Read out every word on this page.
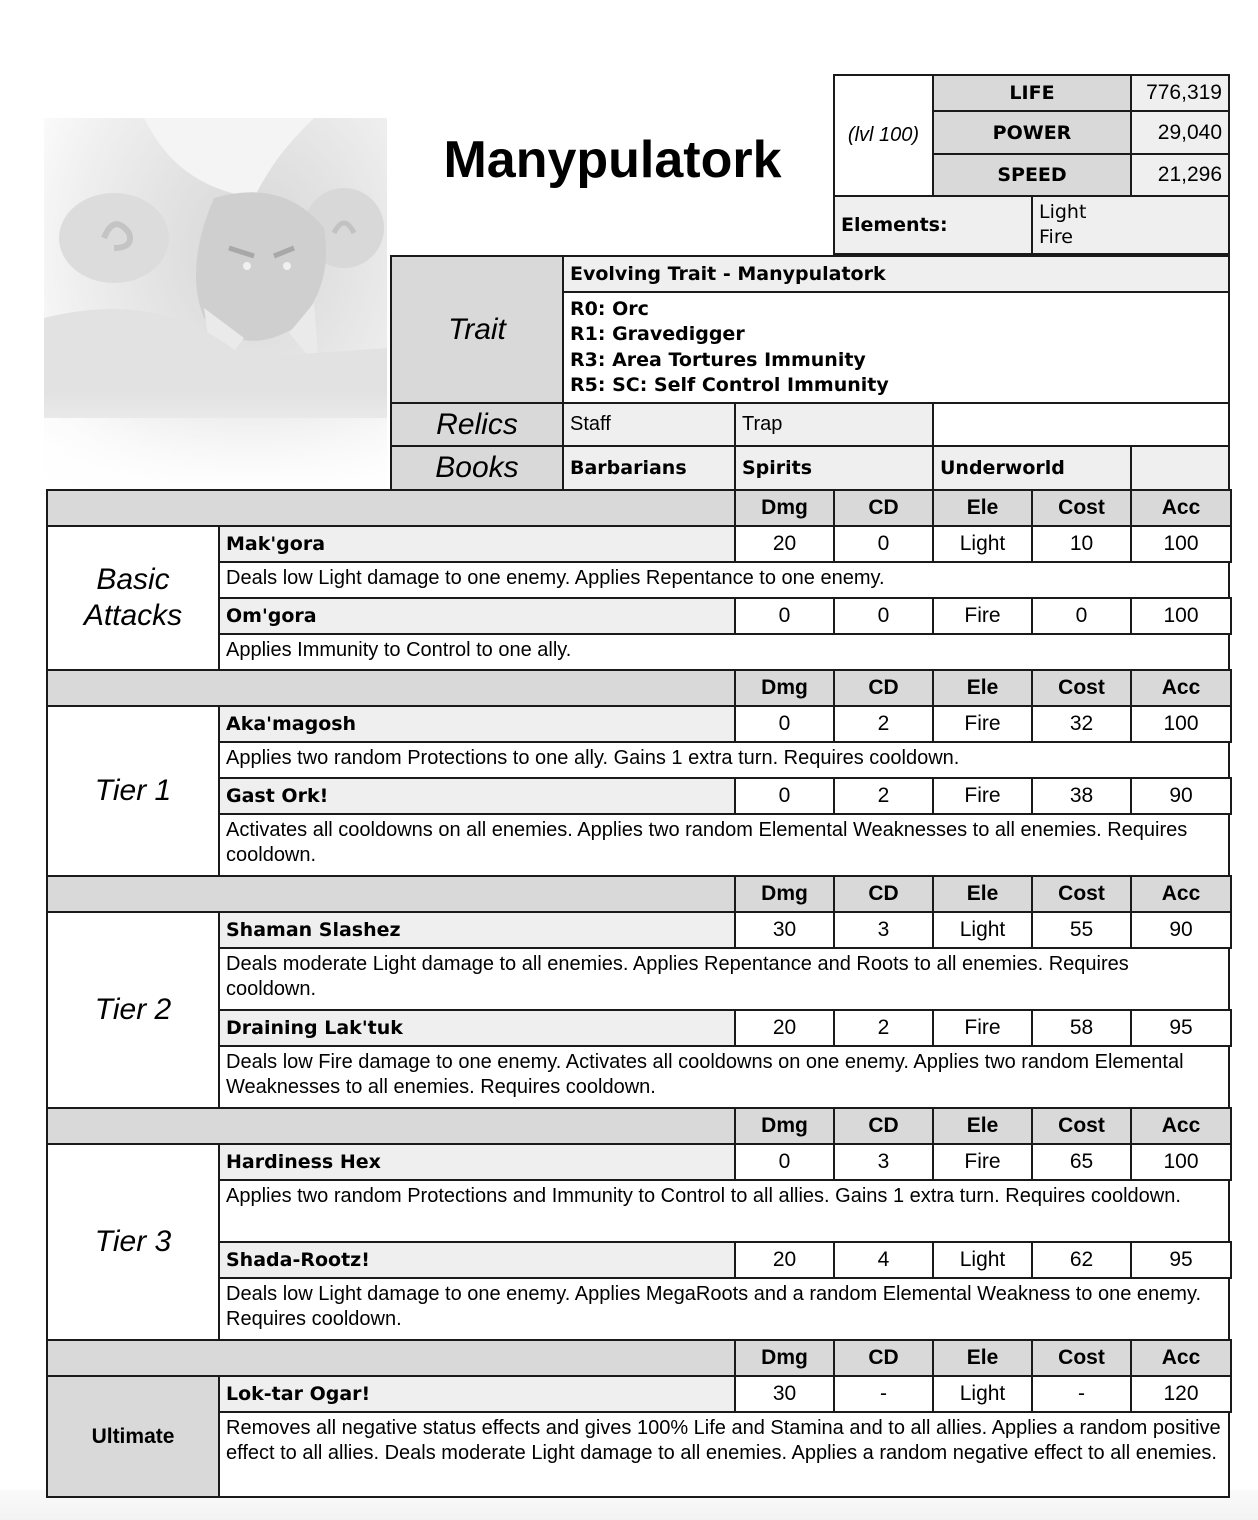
Manypulatork	(lvl 100)
LIFE	776,319
POWER	29,040
SPEED	21,296
Elements:
Light
Fire
Trait
Evolving Trait - Manypulatork
R0: Orc
R1: Gravedigger
R3: Area Tortures Immunity
R5: SC: Self Control Immunity
Relics	Staff	Trap
Books	Barbarians	Spirits	Underworld
Dmg	CD	Ele	Cost	Acc
Mak'gora	20	0	Light	10	100
Deals low Light damage to one enemy. Applies Repentance to one enemy.
Om'gora	0	0	Fire	0	100
Applies Immunity to Control to one ally.
Basic
Attacks
Dmg	CD	Ele	Cost	Acc
Aka'magosh	0	2	Fire	32	100
Applies two random Protections to one ally. Gains 1 extra turn. Requires cooldown.
Gast Ork!	0	2	Fire	38	90
Activates all cooldowns on all enemies. Applies two random Elemental Weaknesses to all enemies. Requires cooldown.
Tier 1
Dmg	CD	Ele	Cost	Acc
Shaman Slashez	30	3	Light	55	90
Deals moderate Light damage to all enemies. Applies Repentance and Roots to all enemies. Requires cooldown.
Draining Lak'tuk	20	2	Fire	58	95
Deals low Fire damage to one enemy. Activates all cooldowns on one enemy. Applies two random Elemental Weaknesses to all enemies. Requires cooldown.
Tier 2
Dmg	CD	Ele	Cost	Acc
Hardiness Hex	0	3	Fire	65	100
Applies two random Protections and Immunity to Control to all allies. Gains 1 extra turn. Requires cooldown.
Shada-Rootz!	20	4	Light	62	95
Deals low Light damage to one enemy. Applies MegaRoots and a random Elemental Weakness to one enemy. Requires cooldown.
Tier 3
Dmg	CD	Ele	Cost	Acc
Lok-tar Ogar!	30	-	Light	-	120
Removes all negative status effects and gives 100% Life and Stamina and to all allies. Applies a random positive effect to all allies. Deals moderate Light damage to all enemies. Applies a random negative effect to all enemies.
Ultimate
